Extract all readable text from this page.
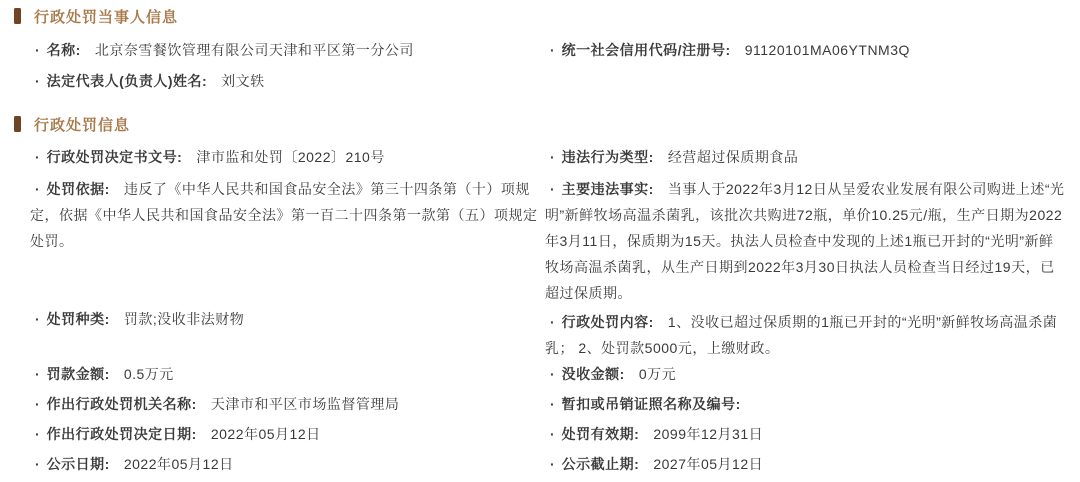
行政处罚当事人信息
· 名称: 北京奈雪餐饮管理有限公司天津和平区第一分公司	· 统一社会信用代码/注册号: 91120101MA06YTNM3Q
· 法定代表人(负责人)姓名: 刘文轶
行政处罚信息
· 行政处罚决定书文号: 津市监和处罚〔2022〕210号	· 违法行为类型: 经营超过保质期食品
· 处罚依据: 违反了《中华人民共和国食品安全法》第三十四条第（十）项规定，依据《中华人民共和国食品安全法》第一百二十四条第一款第（五）项规定处罚。
· 主要违法事实: 当事人于2022年3月12日从呈爱农业发展有限公司购进上述“光明”新鲜牧场高温杀菌乳，该批次共购进72瓶，单价10.25元/瓶，生产日期为2022年3月11日，保质期为15天。执法人员检查中发现的上述1瓶已开封的“光明”新鲜牧场高温杀菌乳，从生产日期到2022年3月30日执法人员检查当日经过19天，已超过保质期。
· 处罚种类: 罚款;没收非法财物	· 行政处罚内容: 1、没收已超过保质期的1瓶已开封的“光明”新鲜牧场高温杀菌乳； 2、处罚款5000元，上缴财政。
· 罚款金额: 0.5万元	· 没收金额: 0万元
· 作出行政处罚机关名称: 天津市和平区市场监督管理局	· 暂扣或吊销证照名称及编号:
· 作出行政处罚决定日期: 2022年05月12日	· 处罚有效期: 2099年12月31日
· 公示日期: 2022年05月12日	· 公示截止期: 2027年05月12日
